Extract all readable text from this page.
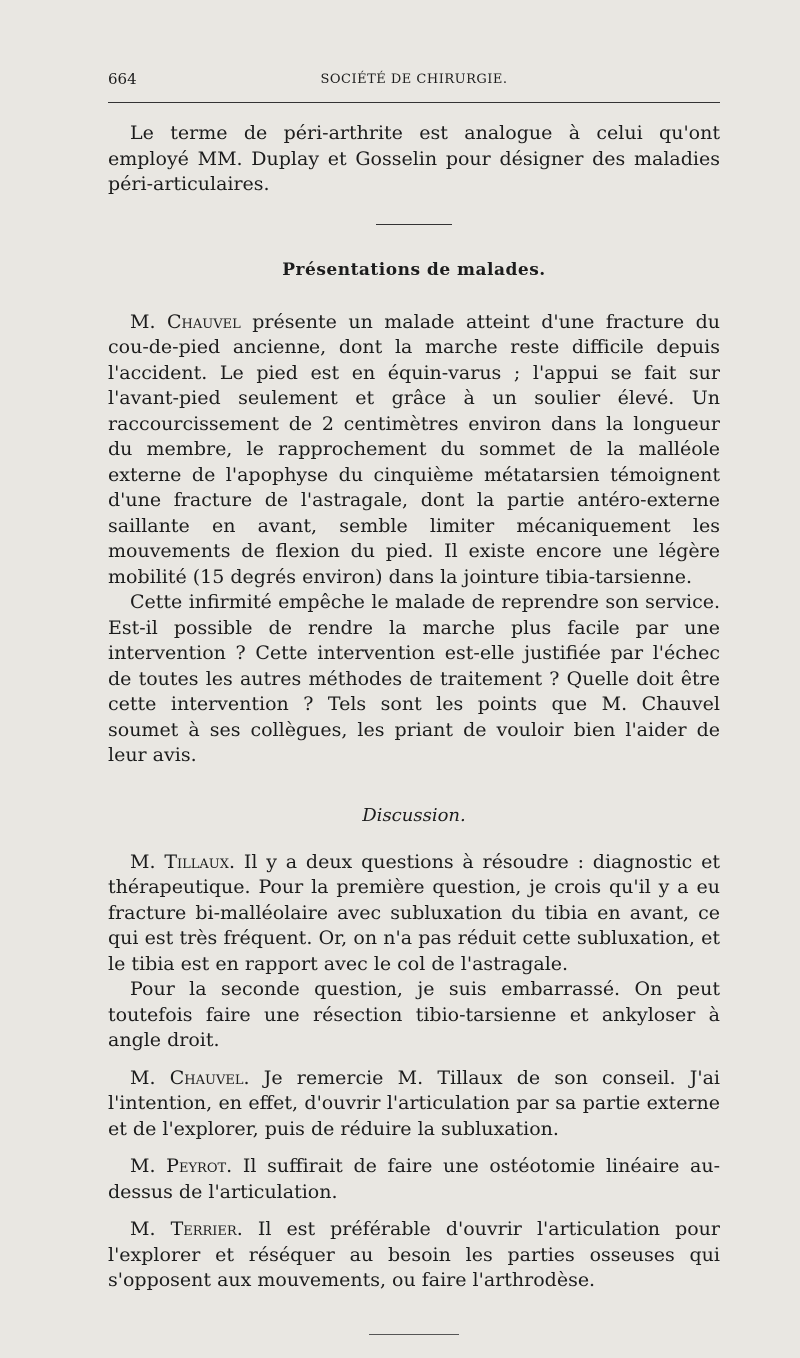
664	SOCIÉTÉ DE CHIRURGIE.

Le terme de péri-arthrite est analogue à celui qu'ont employé MM. Duplay et Gosselin pour désigner des maladies péri-articulaires.

Présentations de malades.

M. Chauvel présente un malade atteint d'une fracture du cou-de-pied ancienne, dont la marche reste difficile depuis l'accident. Le pied est en équin-varus ; l'appui se fait sur l'avant-pied seulement et grâce à un soulier élevé. Un raccourcissement de 2 centimètres environ dans la longueur du membre, le rapprochement du sommet de la malléole externe de l'apophyse du cinquième métatarsien témoignent d'une fracture de l'astragale, dont la partie antéro-externe saillante en avant, semble limiter mécaniquement les mouvements de flexion du pied. Il existe encore une légère mobilité (15 degrés environ) dans la jointure tibia-tarsienne.

Cette infirmité empêche le malade de reprendre son service. Est-il possible de rendre la marche plus facile par une intervention ? Cette intervention est-elle justifiée par l'échec de toutes les autres méthodes de traitement ? Quelle doit être cette intervention ? Tels sont les points que M. Chauvel soumet à ses collègues, les priant de vouloir bien l'aider de leur avis.

Discussion.

M. Tillaux. Il y a deux questions à résoudre : diagnostic et thérapeutique. Pour la première question, je crois qu'il y a eu fracture bi-malléolaire avec subluxation du tibia en avant, ce qui est très fréquent. Or, on n'a pas réduit cette subluxation, et le tibia est en rapport avec le col de l'astragale.

Pour la seconde question, je suis embarrassé. On peut toutefois faire une résection tibio-tarsienne et ankyloser à angle droit.

M. Chauvel. Je remercie M. Tillaux de son conseil. J'ai l'intention, en effet, d'ouvrir l'articulation par sa partie externe et de l'explorer, puis de réduire la subluxation.

M. Peyrot. Il suffirait de faire une ostéotomie linéaire au-dessus de l'articulation.

M. Terrier. Il est préférable d'ouvrir l'articulation pour l'explorer et réséquer au besoin les parties osseuses qui s'opposent aux mouvements, ou faire l'arthrodèse.
